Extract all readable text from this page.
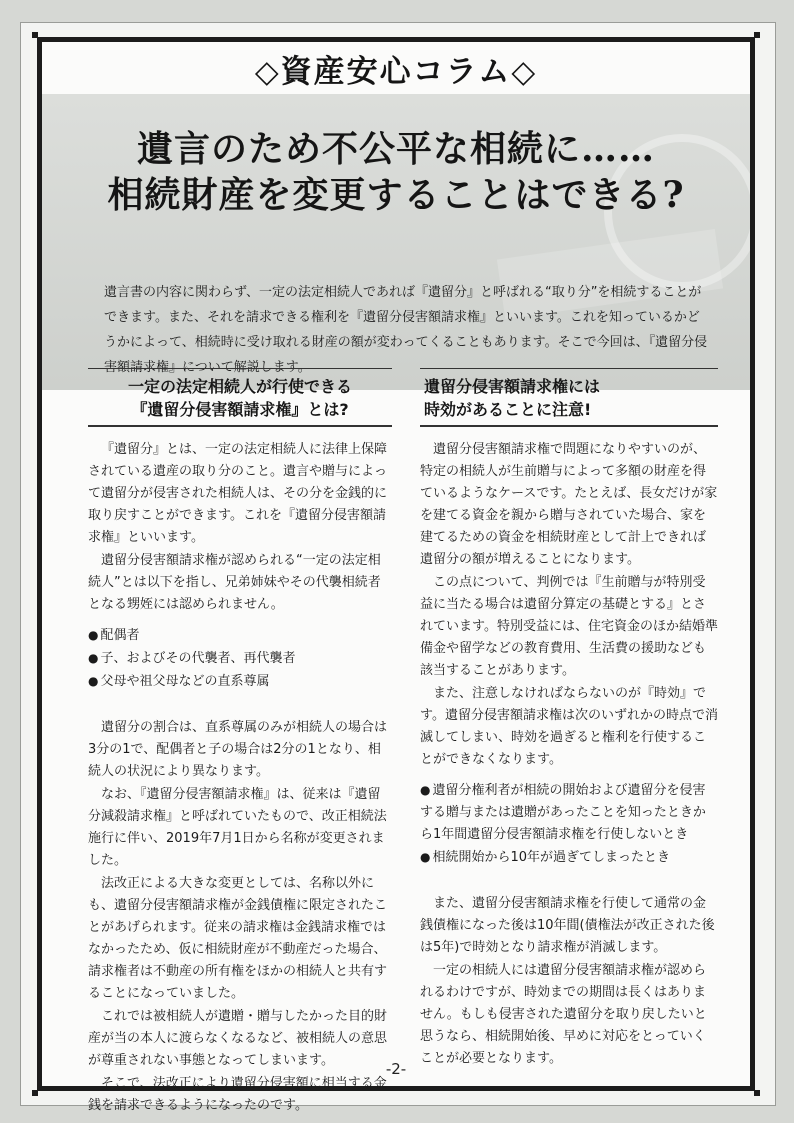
◇資産安心コラム◇
遺言のため不公平な相続に……
相続財産を変更することはできる?
遺言書の内容に関わらず、一定の法定相続人であれば『遺留分』と呼ばれる“取り分”を相続することができます。また、それを請求できる権利を『遺留分侵害額請求権』といいます。これを知っているかどうかによって、相続時に受け取れる財産の額が変わってくることもあります。そこで今回は、『遺留分侵害額請求権』について解説します。
-2-
一定の法定相続人が行使できる
『遺留分侵害額請求権』とは?

『遺留分』とは、一定の法定相続人に法律上保障されている遺産の取り分のこと。遺言や贈与によって遺留分が侵害された相続人は、その分を金銭的に取り戻すことができます。これを『遺留分侵害額請求権』といいます。

遺留分侵害額請求権が認められる“一定の法定相続人”とは以下を指し、兄弟姉妹やその代襲相続者となる甥姪には認められません。

● 配偶者
● 子、およびその代襲者、再代襲者
● 父母や祖父母などの直系尊属

遺留分の割合は、直系尊属のみが相続人の場合は3分の1で、配偶者と子の場合は2分の1となり、相続人の状況により異なります。

なお、『遺留分侵害額請求権』は、従来は『遺留分減殺請求権』と呼ばれていたもので、改正相続法施行に伴い、2019年7月1日から名称が変更されました。

法改正による大きな変更としては、名称以外にも、遺留分侵害額請求権が金銭債権に限定されたことがあげられます。従来の請求権は金銭請求権ではなかったため、仮に相続財産が不動産だった場合、請求権者は不動産の所有権をほかの相続人と共有することになっていました。

これでは被相続人が遺贈・贈与したかった目的財産が当の本人に渡らなくなるなど、被相続人の意思が尊重されない事態となってしまいます。

そこで、法改正により遺留分侵害額に相当する金銭を請求できるようになったのです。

遺留分侵害額請求権には
時効があることに注意!

遺留分侵害額請求権で問題になりやすいのが、特定の相続人が生前贈与によって多額の財産を得ているようなケースです。たとえば、長女だけが家を建てる資金を親から贈与されていた場合、家を建てるための資金を相続財産として計上できれば遺留分の額が増えることになります。

この点について、判例では『生前贈与が特別受益に当たる場合は遺留分算定の基礎とする』とされています。特別受益には、住宅資金のほか結婚準備金や留学などの教育費用、生活費の援助なども該当することがあります。

また、注意しなければならないのが『時効』です。遺留分侵害額請求権は次のいずれかの時点で消滅してしまい、時効を過ぎると権利を行使することができなくなります。

● 遺留分権利者が相続の開始および遺留分を侵害する贈与または遺贈があったことを知ったときから1年間遺留分侵害額請求権を行使しないとき
● 相続開始から10年が過ぎてしまったとき

また、遺留分侵害額請求権を行使して通常の金銭債権になった後は10年間(債権法が改正された後は5年)で時効となり請求権が消滅します。

一定の相続人には遺留分侵害額請求権が認められるわけですが、時効までの期間は長くはありません。もしも侵害された遺留分を取り戻したいと思うなら、相続開始後、早めに対応をとっていくことが必要となります。
